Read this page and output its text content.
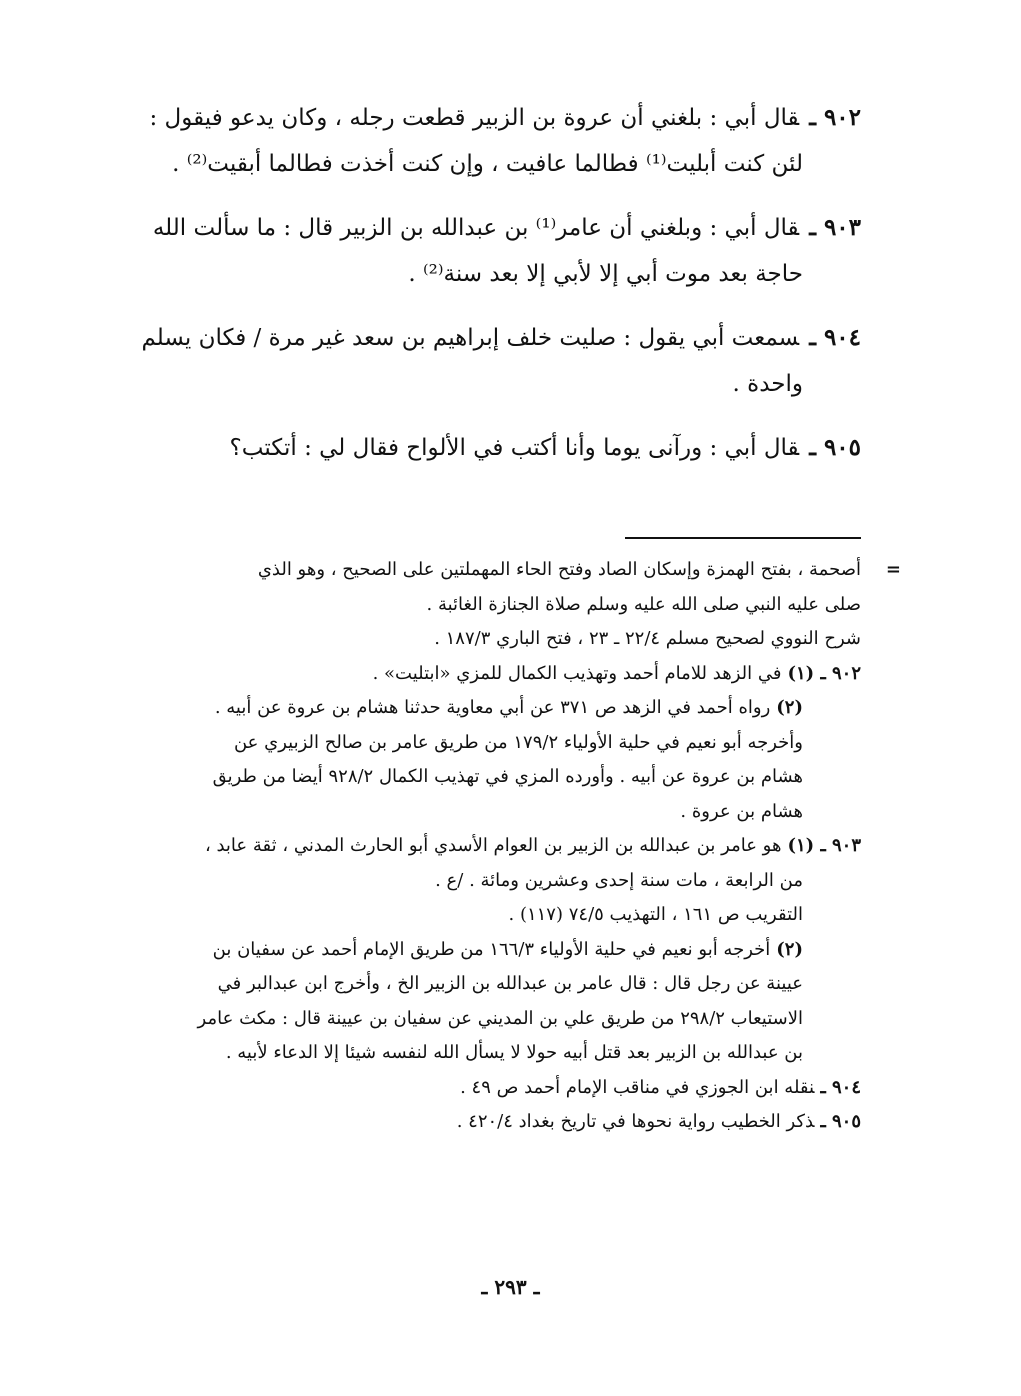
٩٠٢ ـقال أبي : بلغني أن عروة بن الزبير قطعت رجله ، وكان يدعو فيقول :
لئن كنت أبليت⁽¹⁾ فطالما عافيت ، وإن كنت أخذت فطالما أبقيت⁽²⁾ .
٩٠٣ ـقال أبي : وبلغني أن عامر⁽¹⁾ بن عبدالله بن الزبير قال : ما سألت الله
حاجة بعد موت أبي إلا لأبي إلا بعد سنة⁽²⁾ .
٩٠٤ ـسمعت أبي يقول : صليت خلف إبراهيم بن سعد غير مرة / فكان يسلم
واحدة .
٩٠٥ ـقال أبي : ورآنى يوما وأنا أكتب في الألواح فقال لي : أتكتب؟
=
أصحمة ، بفتح الهمزة وإسكان الصاد وفتح الحاء المهملتين على الصحيح ، وهو الذي
صلى عليه النبي صلى الله عليه وسلم صلاة الجنازة الغائبة .
شرح النووي لصحيح مسلم ٢٢/٤ ـ ٢٣ ، فتح الباري ١٨٧/٣ .
٩٠٢ ـ (١)في الزهد للامام أحمد وتهذيب الكمال للمزي «ابتليت» .
(٢)رواه أحمد في الزهد ص ٣٧١ عن أبي معاوية حدثنا هشام بن عروة عن أبيه .
وأخرجه أبو نعيم في حلية الأولياء ١٧٩/٢ من طريق عامر بن صالح الزبيري عن
هشام بن عروة عن أبيه . وأورده المزي في تهذيب الكمال ٩٢٨/٢ أيضا من طريق
هشام بن عروة .
٩٠٣ ـ (١)هو عامر بن عبدالله بن الزبير بن العوام الأسدي أبو الحارث المدني ، ثقة عابد ،
من الرابعة ، مات سنة إحدى وعشرين ومائة . /ع .
التقريب ص ١٦١ ، التهذيب ٧٤/٥ (١١٧) .
(٢)أخرجه أبو نعيم في حلية الأولياء ١٦٦/٣ من طريق الإمام أحمد عن سفيان بن
عيينة عن رجل قال : قال عامر بن عبدالله بن الزبير الخ ، وأخرج ابن عبدالبر في
الاستيعاب ٢٩٨/٢ من طريق علي بن المديني عن سفيان بن عيينة قال : مكث عامر
بن عبدالله بن الزبير بعد قتل أبيه حولا لا يسأل الله لنفسه شيئا إلا الدعاء لأبيه .
٩٠٤ ـنقله ابن الجوزي في مناقب الإمام أحمد ص ٤٩ .
٩٠٥ ـذكر الخطيب رواية نحوها في تاريخ بغداد ٤٢٠/٤ .
ـ ٢٩٣ ـ
